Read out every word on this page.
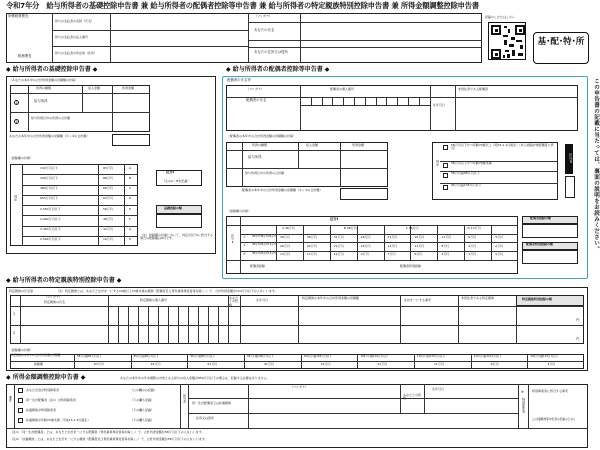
令和7年分　給与所得者の基礎控除申告書 兼 給与所得者の配偶者控除等申告書 兼 給与所得者の特定親族特別控除申告書 兼 所得金額調整控除申告書
基･配･特･所
記載のしかたはこちら
所轄税務署長
税務署長
給与の支払者の名称（氏名）
給与の支払者の法人番号
給与の支払者の所在地（住所）
（フリガナ）
あなたの氏名
あなたの住所又は居所
◆ 給与所得者の基礎控除申告書 ◆
〈あなたの本年中の合計所得金額の見積額の計算〉
所得の種類	収入金額	所得金額
1	給与所得
2
給与所得以外の所得の合計額
あなたの本年中の合計所得金額の見積額（①＋②の合計額）
〈控除額の計算〉
判定
132万円以下	95万円	A
336万円以下	88万円	B
489万円以下	68万円	C
655万円以下	63万円	D
2,350万円以下	58万円	E
2,400万円以下	48万円	F
2,450万円以下	32万円	G
2,500万円以下	16万円	H
区分Ⅰ
（左のA～Hを記載）
基礎控除の額
（注）控除額の計算において、判定が区分Ⅰに該当する場合の控除額は0円です。
◆ 給与所得者の配偶者控除等申告書 ◆
この申告書の記載に当たっては、裏面の説明をお読みください。
配偶者の氏名等
（フリガナ）
配偶者の氏名
配偶者の個人番号
生年月日
非居住者である配偶者
〈配偶者の本年中の合計所得金額の見積額の計算〉
所得の種類	収入金額	所得金額
給与所得
給与所得以外の所得の合計額
配偶者の本年中の合計所得金額の見積額（①＋②の合計額）
判定
58万円以下かつ年齢70歳以上（昭31.1.1以前生）（老人控除対象配偶者に該当）
58万円以下かつ年齢70歳未満
58万円超95万円以下
95万円超133万円以下
区分Ⅱ
〈控除額の計算〉
区分Ⅰ
区分Ⅱ
A 48万円	B 38万円	C 26万円	D 13万円
①	48万円 38万円 26万円
②	38万円 26万円 13万円
③	38万円 26万円 13万円
38万円	36万円	31万円	26万円	21万円	16万円	11万円	6万円	3万円
26万円	24万円	21万円	18万円	14万円	11万円	8万円	4万円	2万円
13万円	12万円	11万円	9万円	7万円	6万円	4万円	2万円	1万円
配偶者控除	配偶者特別控除
配偶者控除の額
配偶者特別控除の額
◆ 給与所得者の特定親族特別控除申告書 ◆
特定親族の氏名等	（注）特定親族とは、あなたと生計を一にする19歳以上23歳未満の親族（配偶者及び青色事業専従者等を除く。）で、合計所得金額が123万円以下の人をいいます。
（フリガナ）
特定親族の氏名	特定親族の個人番号	あなたとの続柄
生年月日	特定親族の本年中の合計所得金額の見積額	非居住者である特定親族
生計を一にする事実	特定親族特別控除の額
1
2
円
円
〈控除額の計算〉
特定親族の本年中の合計所得金額の見積額
控除額
58万円超85万円以下
63万円
85万円超90万円以下
61万円
90万円超95万円以下
51万円
95万円超100万円以下
41万円
100万円超105万円以下
31万円
105万円超110万円以下
21万円
110万円超115万円以下
11万円
115万円超120万円以下
6万円
120万円超123万円以下
3万円
◆ 所得金額調整控除申告書 ◆	あなたの本年中の年末調整の対象となる給与の収入金額が850万円以下の場合は、記載する必要はありません。
要件
あなた自身が特別障害者	（□の欄のみ記載）
同一生計配偶者（注1）が特別障害者	（下の欄も記載）
扶養親族が特別障害者	（下の欄も記載）
扶養親族が年齢23歳未満（平成15.1.2以後生）	（下の欄も記載）
該当者
（フリガナ）
同一生計配偶者又は扶養親族
住所又は居所
あなたとの続柄
生年月日
※
特別障害者
特別障害者に該当する事実
□ 扶養親族等申告書の記載のとおり
（注1）「同一生計配偶者」とは、あなたと生計を一にする配偶者（青色事業専従者等を除く。）で、合計所得金額が58万円以下の人をいいます。
（注2）「扶養親族」とは、あなたと生計を一にする親族（配偶者及び青色事業専従者等を除く。）で、合計所得金額が58万円以下の人をいいます。
